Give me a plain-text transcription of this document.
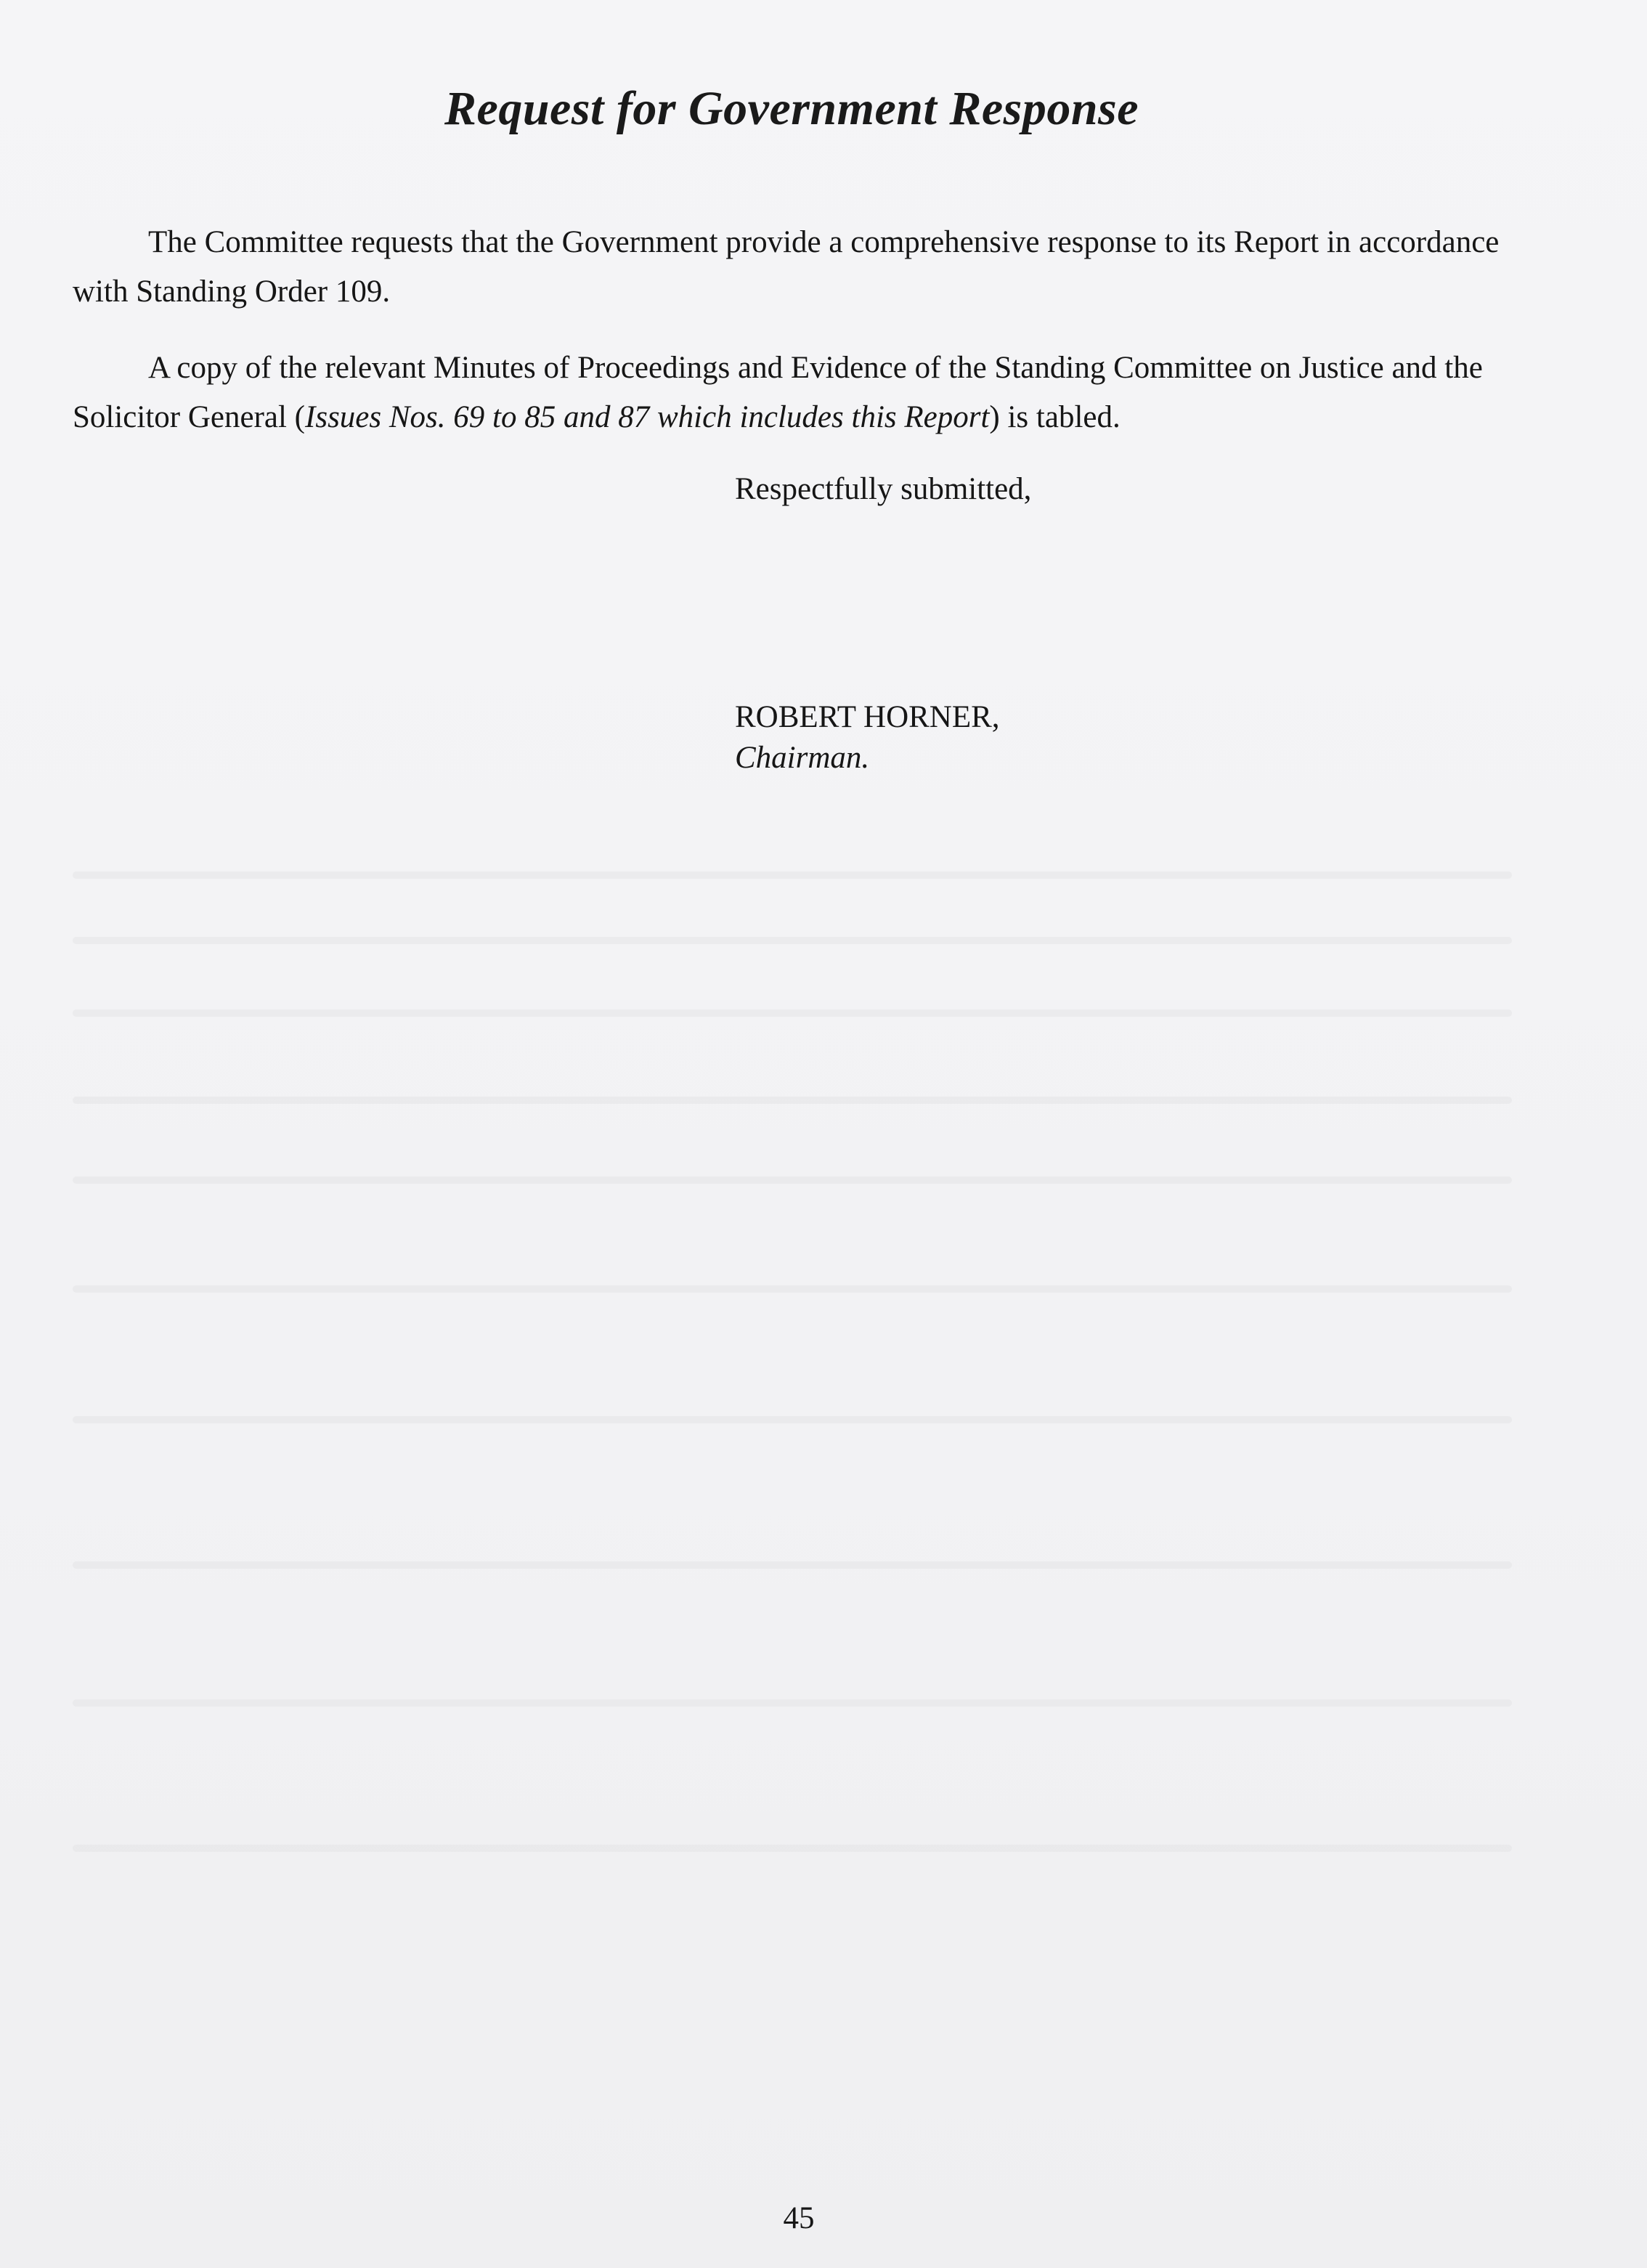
Request for Government Response
The Committee requests that the Government provide a comprehensive response to its Report in accordance with Standing Order 109.
A copy of the relevant Minutes of Proceedings and Evidence of the Standing Committee on Justice and the Solicitor General (Issues Nos. 69 to 85 and 87 which includes this Report) is tabled.
Respectfully submitted,
ROBERT HORNER,
Chairman.
45
